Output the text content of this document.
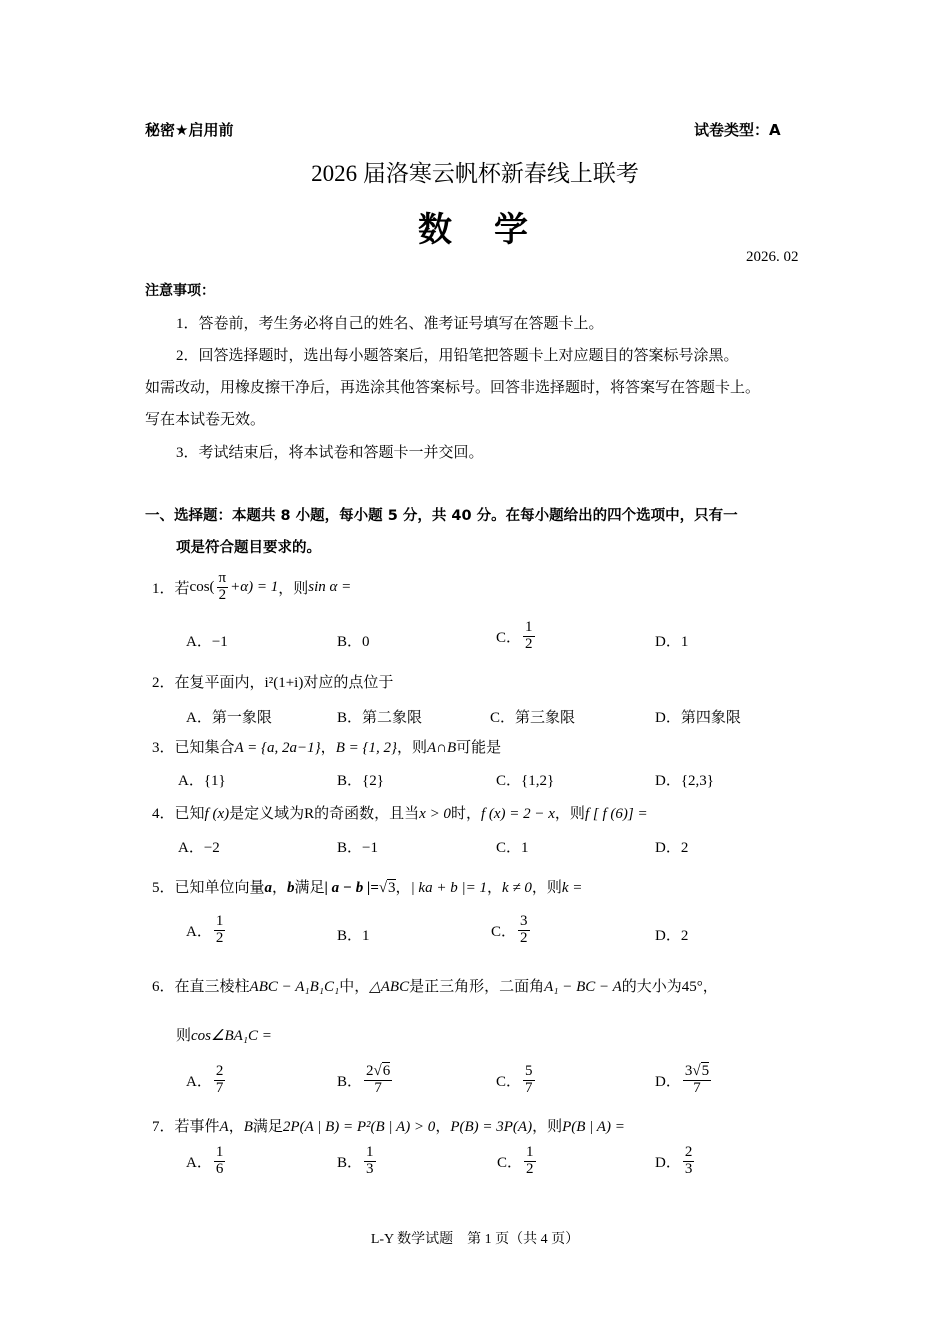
秘密★启用前	试卷类型：A
2026 届洛寒云帆杯新春线上联考
数　学
2026. 02
注意事项：
1．答卷前，考生务必将自己的姓名、准考证号填写在答题卡上。
2．回答选择题时，选出每小题答案后，用铅笔把答题卡上对应题目的答案标号涂黑。
如需改动，用橡皮擦干净后，再选涂其他答案标号。回答非选择题时，将答案写在答题卡上。
写在本试卷无效。
3．考试结束后，将本试卷和答题卡一并交回。
一、选择题：本题共 8 小题，每小题 5 分，共 40 分。在每小题给出的四个选项中，只有一
项是符合题目要求的。
1． 若 $\cos( \frac{\pi}{2} +\alpha) = 1$ ，则 sin α =
A．−1	B．0	C． $\frac{1}{2}$	D．1
2．在复平面内，i²(1+i)对应的点位于
A．第一象限	B．第二象限	C．第三象限	D．第四象限
3．已知集合A = {a, 2a−1}，B = {1, 2}，则A∩B可能是
A．{1}	B．{2}	C．{1,2}	D．{2,3}
4．已知f (x)是定义域为R的奇函数，且当x > 0时，f (x) = 2 − x，则f [ f (6)] =
A．−2	B．−1	C．1	D．2
5．已知单位向量a，b满足| a − b |=√3，| ka + b |= 1，k ≠ 0，则k =
A． $\frac{1}{2}$	B．1	C． $\frac{3}{2}$	D．2
6．在直三棱柱ABC − A₁B₁C₁中，△ABC是正三角形，二面角A₁ − BC − A的大小为45°，
则cos∠BA₁C =
A． $\frac{2}{7}$	B． $\frac{2√6}{7}$	C． $\frac{5}{7}$	D． $\frac{3√5}{7}$
7．若事件A，B满足2P(A | B) = P²(B | A) > 0，P(B) = 3P(A)，则P(B | A) =
A． $\frac{1}{6}$	B． $\frac{1}{3}$	C． $\frac{1}{2}$	D． $\frac{2}{3}$
L-Y 数学试题　第 1 页（共 4 页）
